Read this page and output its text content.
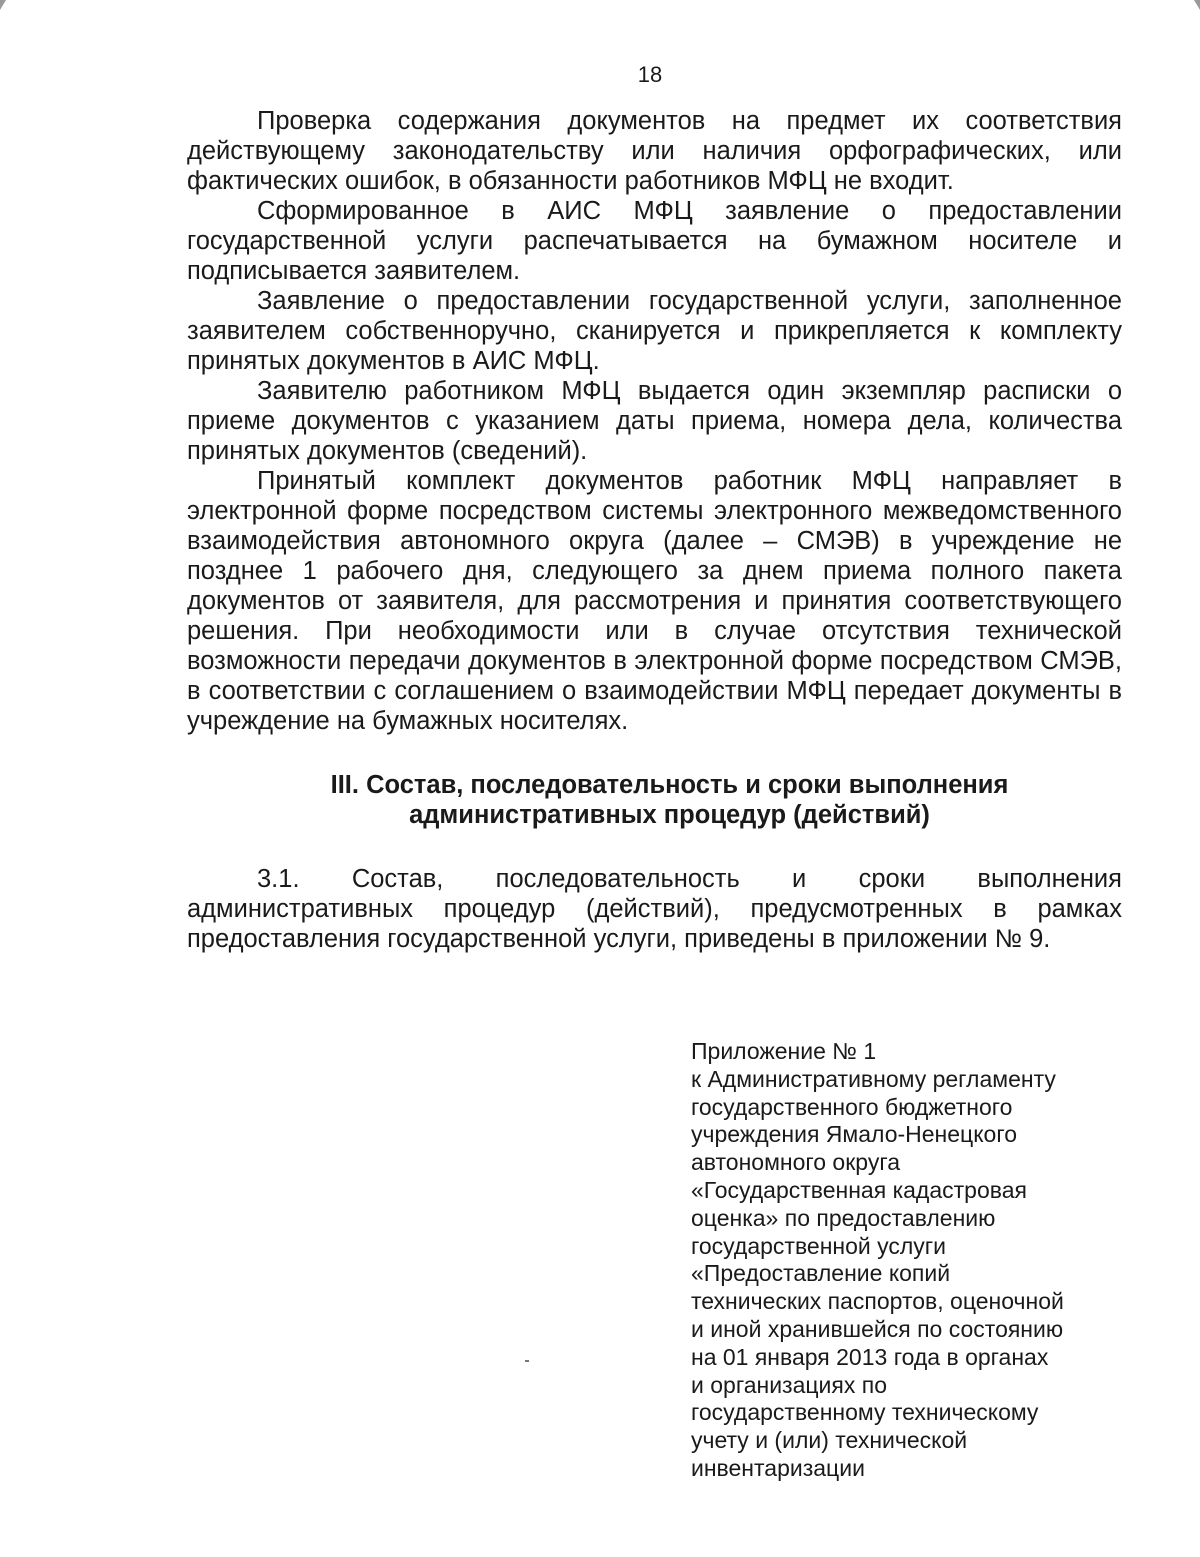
18

Проверка содержания документов на предмет их соответствия действующему законодательству или наличия орфографических, или фактических ошибок, в обязанности работников МФЦ не входит.

Сформированное в АИС МФЦ заявление о предоставлении государственной услуги распечатывается на бумажном носителе и подписывается заявителем.

Заявление о предоставлении государственной услуги, заполненное заявителем собственноручно, сканируется и прикрепляется к комплекту принятых документов в АИС МФЦ.

Заявителю работником МФЦ выдается один экземпляр расписки о приеме документов с указанием даты приема, номера дела, количества принятых документов (сведений).

Принятый комплект документов работник МФЦ направляет в электронной форме посредством системы электронного межведомственного взаимодействия автономного округа (далее – СМЭВ) в учреждение не позднее 1 рабочего дня, следующего за днем приема полного пакета документов от заявителя, для рассмотрения и принятия соответствующего решения. При необходимости или в случае отсутствия технической возможности передачи документов в электронной форме посредством СМЭВ, в соответствии с соглашением о взаимодействии МФЦ передает документы в учреждение на бумажных носителях.

III. Состав, последовательность и сроки выполнения
административных процедур (действий)

3.1. Состав, последовательность и сроки выполнения административных процедур (действий), предусмотренных в рамках предоставления государственной услуги, приведены в приложении № 9.

Приложение № 1
к Административному регламенту
государственного бюджетного
учреждения Ямало-Ненецкого
автономного округа
«Государственная кадастровая
оценка» по предоставлению
государственной услуги
«Предоставление копий
технических паспортов, оценочной
и иной хранившейся по состоянию
на 01 января 2013 года в органах
и организациях по
государственному техническому
учету и (или) технической
инвентаризации
